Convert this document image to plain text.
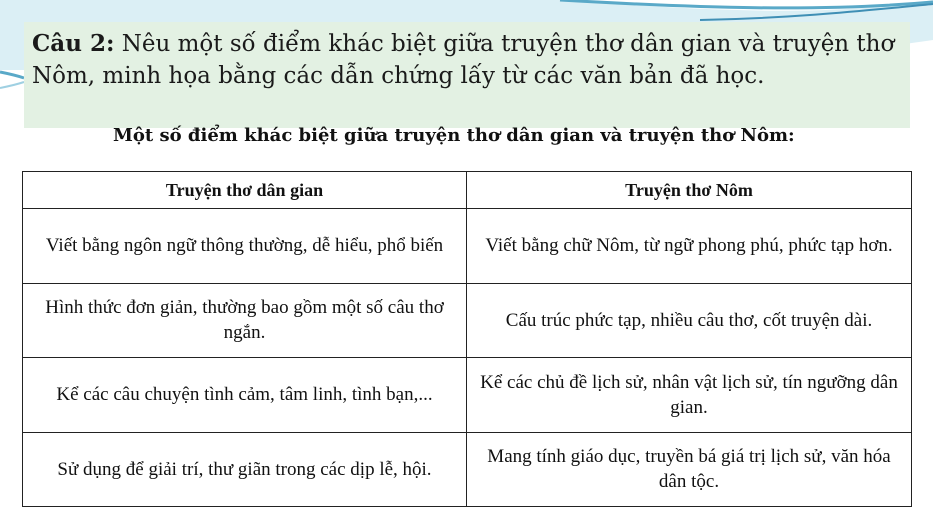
Câu 2: Nêu một số điểm khác biệt giữa truyện thơ dân gian và truyện thơ Nôm, minh họa bằng các dẫn chứng lấy từ các văn bản đã học.
Một số điểm khác biệt giữa truyện thơ dân gian và truyện thơ Nôm:
Truyện thơ dân gian	Truyện thơ Nôm
Viết bằng ngôn ngữ thông thường, dễ hiểu, phổ biến	Viết bằng chữ Nôm, từ ngữ phong phú, phức tạp hơn.
Hình thức đơn giản, thường bao gồm một số câu thơ ngắn.	Cấu trúc phức tạp, nhiều câu thơ, cốt truyện dài.
Kể các câu chuyện tình cảm, tâm linh, tình bạn,...	Kể các chủ đề lịch sử, nhân vật lịch sử, tín ngưỡng dân gian.
Sử dụng để giải trí, thư giãn trong các dịp lễ, hội.	Mang tính giáo dục, truyền bá giá trị lịch sử, văn hóa dân tộc.
